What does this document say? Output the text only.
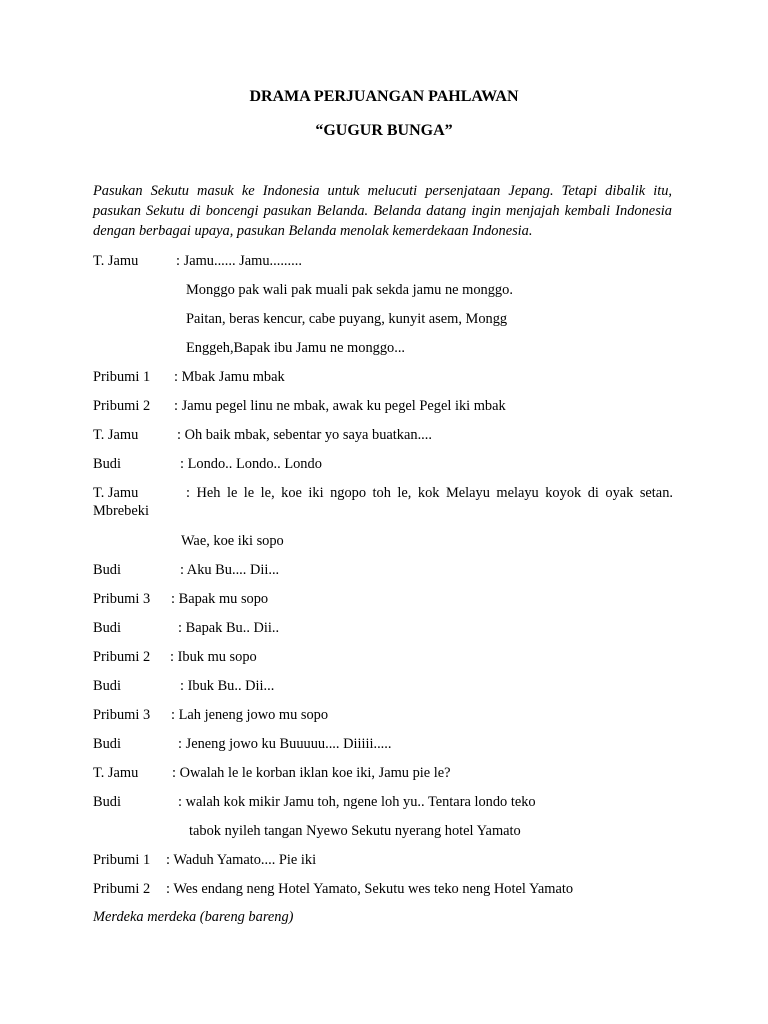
DRAMA PERJUANGAN PAHLAWAN
“GUGUR BUNGA”
Pasukan Sekutu masuk ke Indonesia untuk melucuti persenjataan Jepang. Tetapi dibalik itu, pasukan Sekutu di boncengi pasukan Belanda. Belanda datang ingin menjajah kembali Indonesia dengan berbagai upaya, pasukan Belanda menolak kemerdekaan Indonesia.
T. Jamu	: Jamu...... Jamu.........
Monggo pak wali pak muali pak sekda jamu ne monggo.
Paitan, beras kencur, cabe puyang, kunyit asem, Mongg
Enggeh,Bapak ibu Jamu ne monggo...
Pribumi 1 : Mbak Jamu mbak
Pribumi 2 : Jamu pegel linu ne mbak, awak ku pegel Pegel iki mbak
T. Jamu	: Oh baik mbak, sebentar yo saya buatkan....
Budi	: Londo.. Londo.. Londo
T. Jamu	: Heh le le le, koe iki ngopo toh le, kok Melayu melayu koyok di oyak setan.
Mbrebeki
Wae, koe iki sopo
Budi	: Aku Bu.... Dii...
Pribumi 3 : Bapak mu sopo
Budi	: Bapak Bu.. Dii..
Pribumi 2 : Ibuk mu sopo
Budi	: Ibuk Bu.. Dii...
Pribumi 3 : Lah jeneng jowo mu sopo
Budi	: Jeneng jowo ku Buuuuu.... Diiiii.....
T. Jamu : Owalah le le korban iklan koe iki, Jamu pie le?
Budi	: walah kok mikir Jamu toh, ngene loh yu.. Tentara londo teko
tabok nyileh tangan Nyewo Sekutu nyerang hotel Yamato
Pribumi 1 : Waduh Yamato.... Pie iki
Pribumi 2 : Wes endang neng Hotel Yamato, Sekutu wes teko neng Hotel Yamato
Merdeka merdeka (bareng bareng)
